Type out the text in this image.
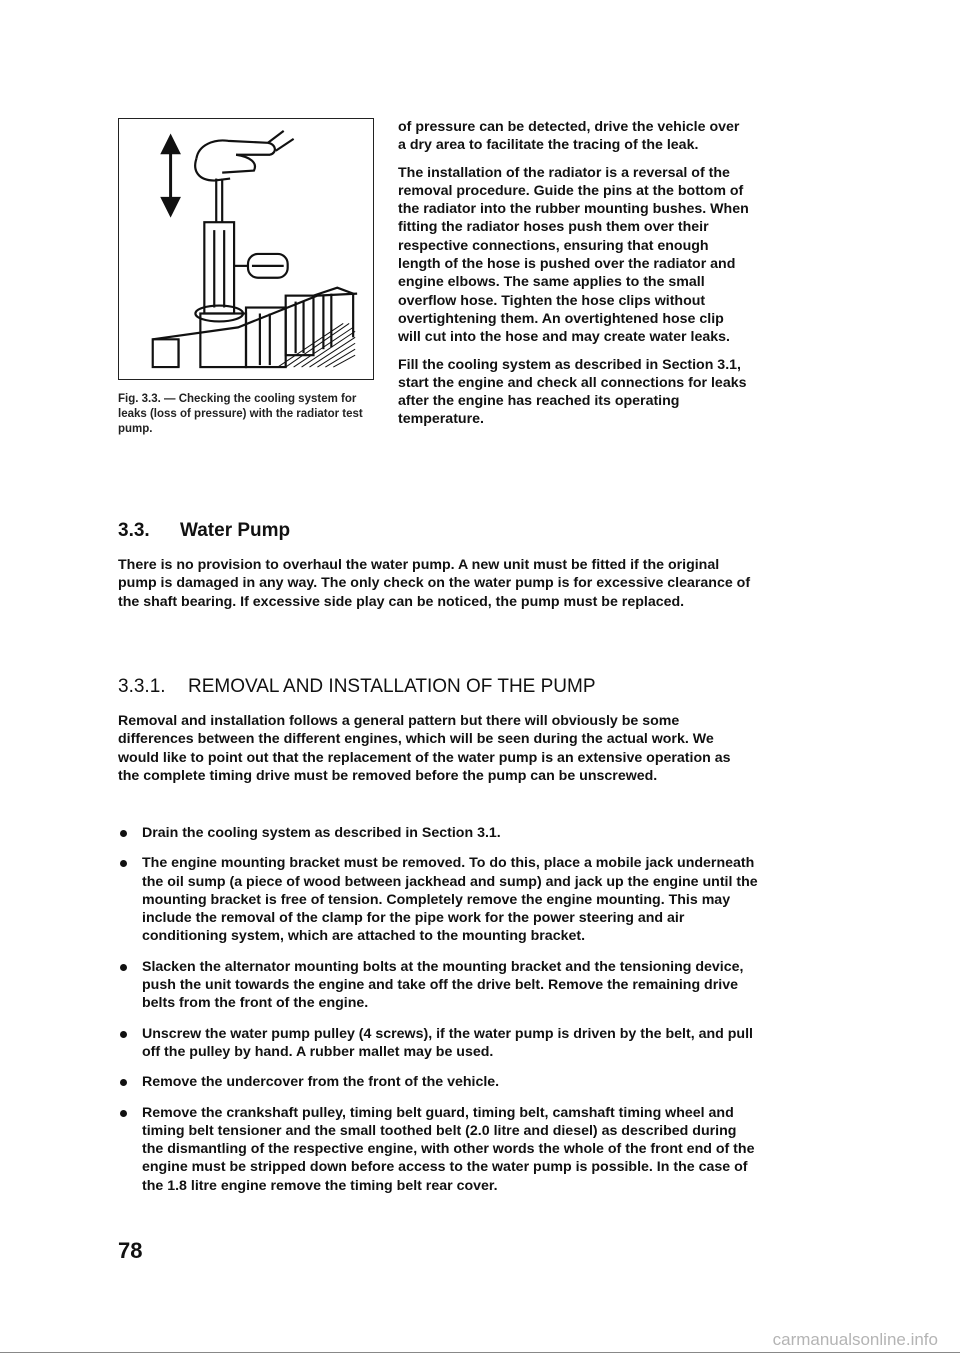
Fig. 3.3. — Checking the cooling system for leaks (loss of pressure) with the radiator test pump.

of pressure can be detected, drive the vehicle over a dry area to facilitate the tracing of the leak.

The installation of the radiator is a reversal of the removal procedure. Guide the pins at the bottom of the radiator into the rubber mounting bushes. When fitting the radiator hoses push them over their respective connections, ensuring that enough length of the hose is pushed over the radiator and engine elbows. The same applies to the small overflow hose. Tighten the hose clips without overtightening them. An overtightened hose clip will cut into the hose and may create water leaks.

Fill the cooling system as described in Section 3.1, start the engine and check all connections for leaks after the engine has reached its operating temperature.

3.3.	Water Pump
There is no provision to overhaul the water pump. A new unit must be fitted if the original pump is damaged in any way. The only check on the water pump is for excessive clearance of the shaft bearing. If excessive side play can be noticed, the pump must be replaced.
3.3.1.	REMOVAL AND INSTALLATION OF THE PUMP
Removal and installation follows a general pattern but there will obviously be some differences between the different engines, which will be seen during the actual work. We would like to point out that the replacement of the water pump is an extensive operation as the complete timing drive must be removed before the pump can be unscrewed.
Drain the cooling system as described in Section 3.1.
The engine mounting bracket must be removed. To do this, place a mobile jack underneath the oil sump (a piece of wood between jackhead and sump) and jack up the engine until the mounting bracket is free of tension. Completely remove the engine mounting. This may include the removal of the clamp for the pipe work for the power steering and air conditioning system, which are attached to the mounting bracket.
Slacken the alternator mounting bolts at the mounting bracket and the tensioning device, push the unit towards the engine and take off the drive belt. Remove the remaining drive belts from the front of the engine.
Unscrew the water pump pulley (4 screws), if the water pump is driven by the belt, and pull off the pulley by hand. A rubber mallet may be used.
Remove the undercover from the front of the vehicle.
Remove the crankshaft pulley, timing belt guard, timing belt, camshaft timing wheel and timing belt tensioner and the small toothed belt (2.0 litre and diesel) as described during the dismantling of the respective engine, with other words the whole of the front end of the engine must be stripped down before access to the water pump is possible. In the case of the 1.8 litre engine remove the timing belt rear cover.
78
carmanualsonline.info
